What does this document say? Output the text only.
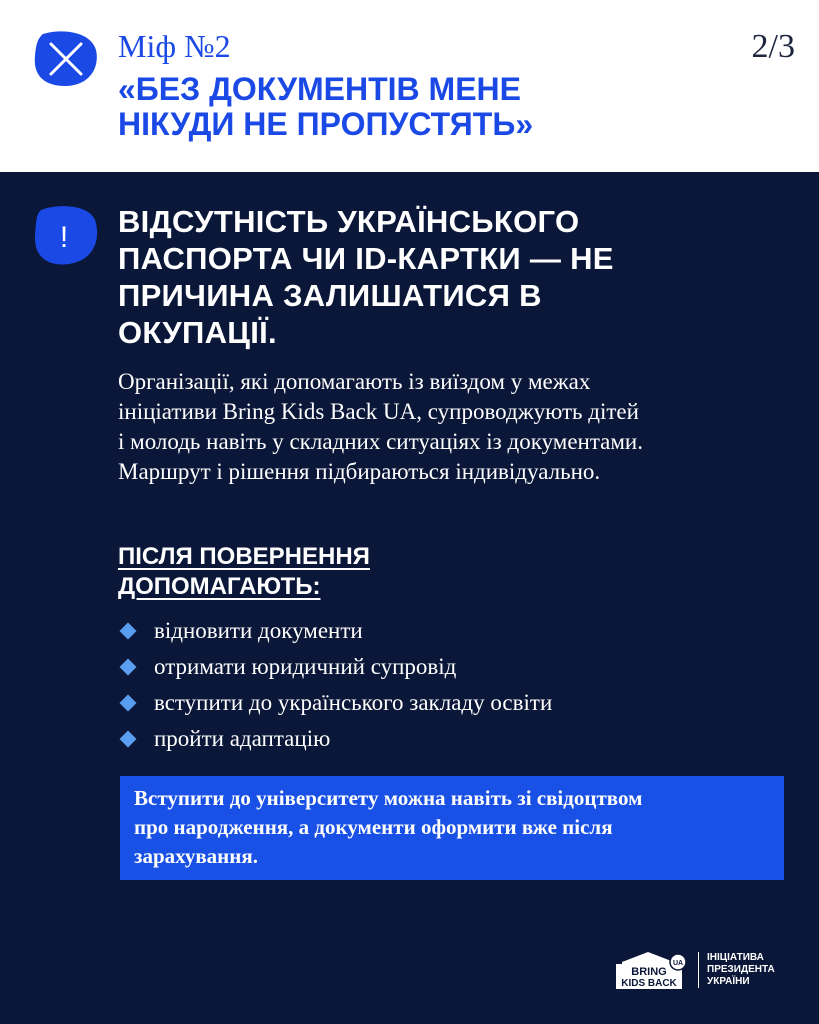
Міф №2	2/3
«БЕЗ ДОКУМЕНТІВ МЕНЕ
НІКУДИ НЕ ПРОПУСТЯТЬ»
! ВІДСУТНІСТЬ УКРАЇНСЬКОГО
ПАСПОРТА ЧИ ID-КАРТКИ — НЕ
ПРИЧИНА ЗАЛИШАТИСЯ В
ОКУПАЦІЇ.
Організації, які допомагають із виїздом у межах
ініціативи Bring Kids Back UA, супроводжують дітей
і молодь навіть у складних ситуаціях із документами.
Маршрут і рішення підбираються індивідуально.
ПІСЛЯ ПОВЕРНЕННЯ
ДОПОМАГАЮТЬ:
відновити документи
отримати юридичний супровід
вступити до українського закладу освіти
пройти адаптацію
Вступити до університету можна навіть зі свідоцтвом
про народження, а документи оформити вже після
зарахування.
BRING
KIDS BACK
UA
ІНІЦІАТИВА
ПРЕЗИДЕНТА
УКРАЇНИ
